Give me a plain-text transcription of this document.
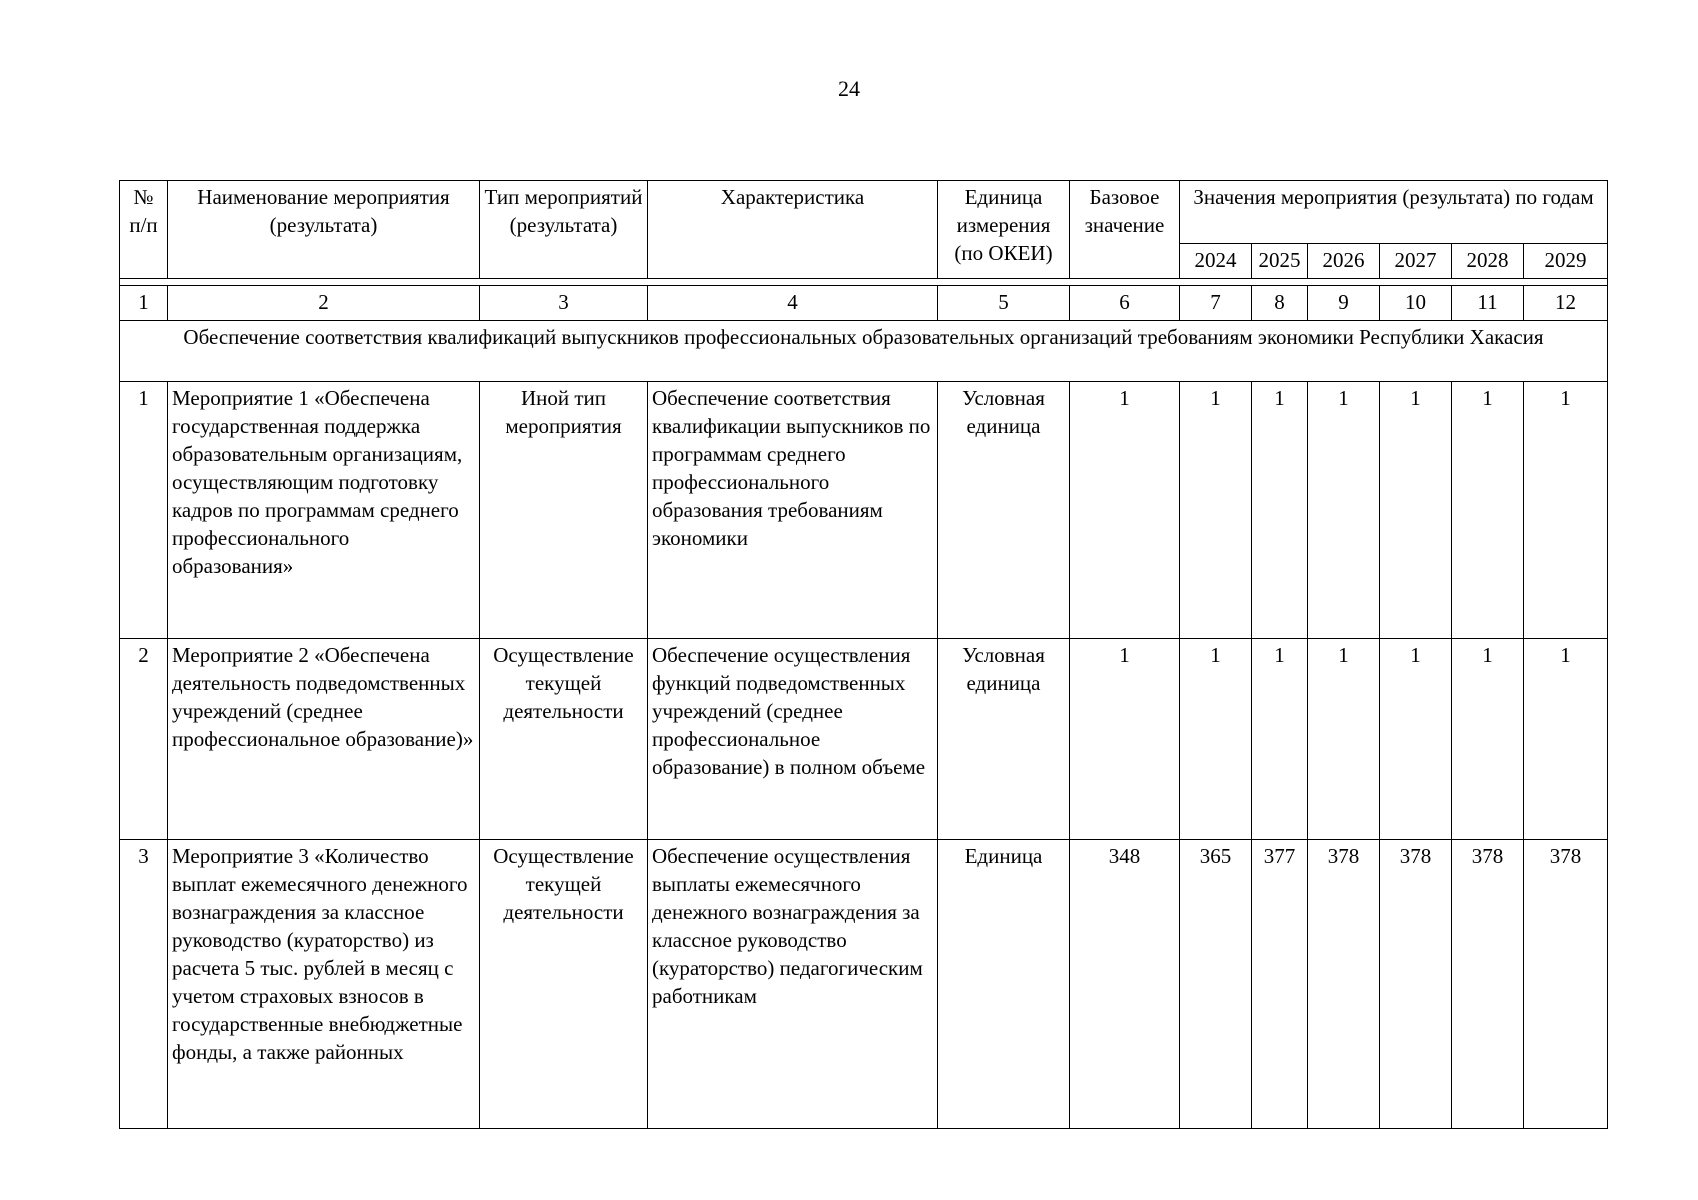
24
№ п/п	Наименование мероприятия (результата)	Тип мероприятий (результата)	Характеристика	Единица измерения (по ОКЕИ)	Базовое значение	Значения мероприятия (результата) по годам					
						2024	2025	2026	2027	2028	2029

1	2	3	4	5	6	7	8	9	10	11	12
Обеспечение соответствия квалификаций выпускников профессиональных образовательных организаций требованиям экономики Республики Хакасия											
1	Мероприятие 1 «Обеспечена государственная поддержка образовательным организациям, осуществляющим подготовку кадров по программам среднего профессионального образования»	Иной тип мероприятия	Обеспечение соответствия квалификации выпускников по программам среднего профессионального образования требованиям экономики	Условная единица	1	1	1	1	1	1	1
2	Мероприятие 2 «Обеспечена деятельность подведомственных учреждений (среднее профессиональное образование)»	Осуществление текущей деятельности	Обеспечение осуществления функций подведомственных учреждений (среднее профессиональное образование) в полном объеме	Условная единица	1	1	1	1	1	1	1
3	Мероприятие 3 «Количество выплат ежемесячного денежного вознаграждения за классное руководство (кураторство) из расчета 5 тыс. рублей в месяц с учетом страховых взносов в государственные внебюджетные фонды, а также районных	Осуществление текущей деятельности	Обеспечение осуществления выплаты ежемесячного денежного вознаграждения за классное руководство (кураторство) педагогическим работникам	Единица	348	365	377	378	378	378	378
